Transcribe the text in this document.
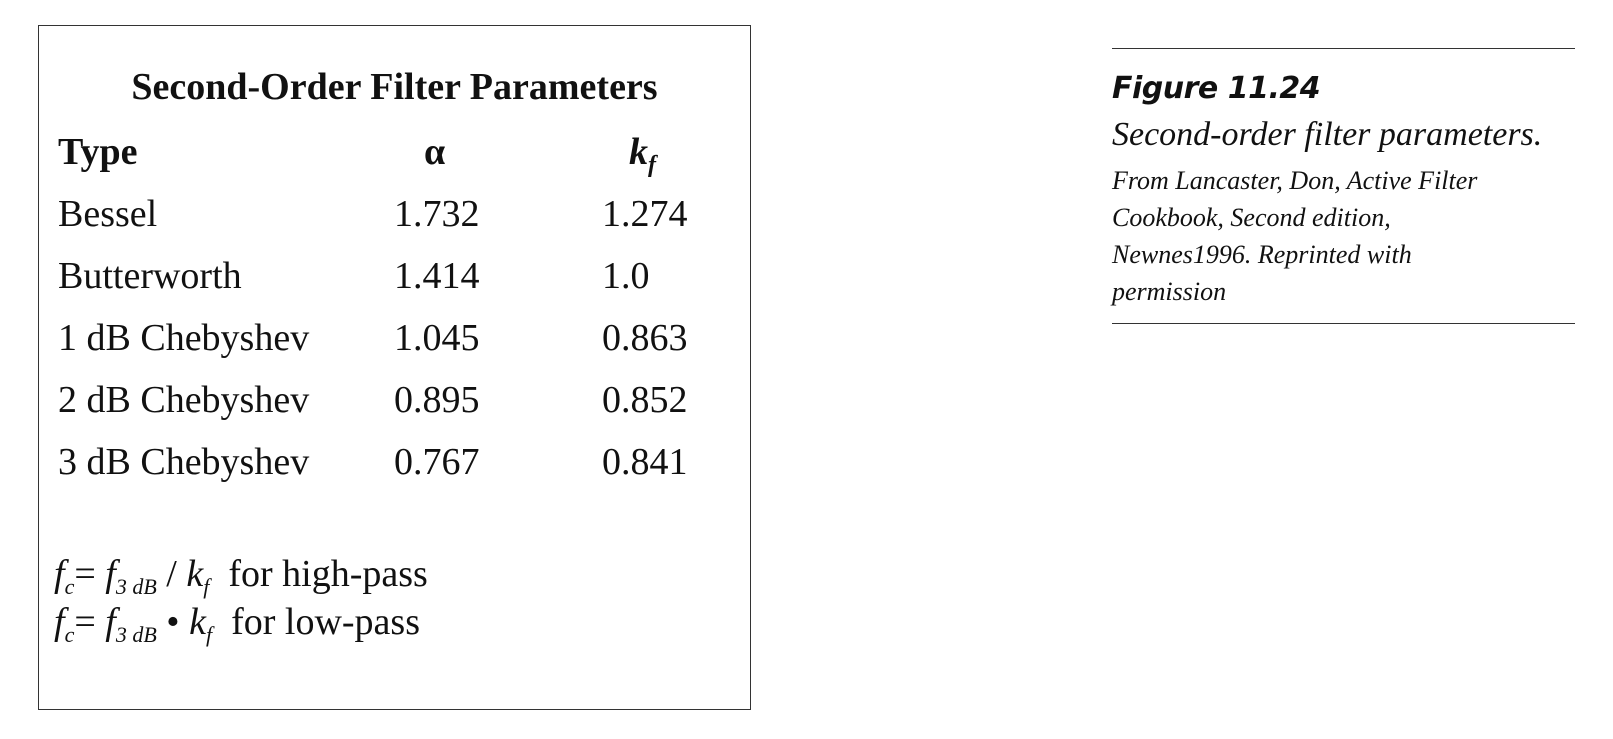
Second-Order Filter Parameters
Type	α	$k_f$
Bessel	1.732	1.274
Butterworth	1.414	1.0
1 dB Chebyshev 1.045	0.863
2 dB Chebyshev 0.895	0.852
3 dB Chebyshev 0.767	0.841
$f_c= f_{3 dB} / k_f$  for high-pass
$f_c= f_{3 dB}$ • $k_f$  for low-pass
Figure 11.24
Second-order filter parameters.
From Lancaster, Don, Active Filter Cookbook, Second edition, Newnes1996. Reprinted with permission
